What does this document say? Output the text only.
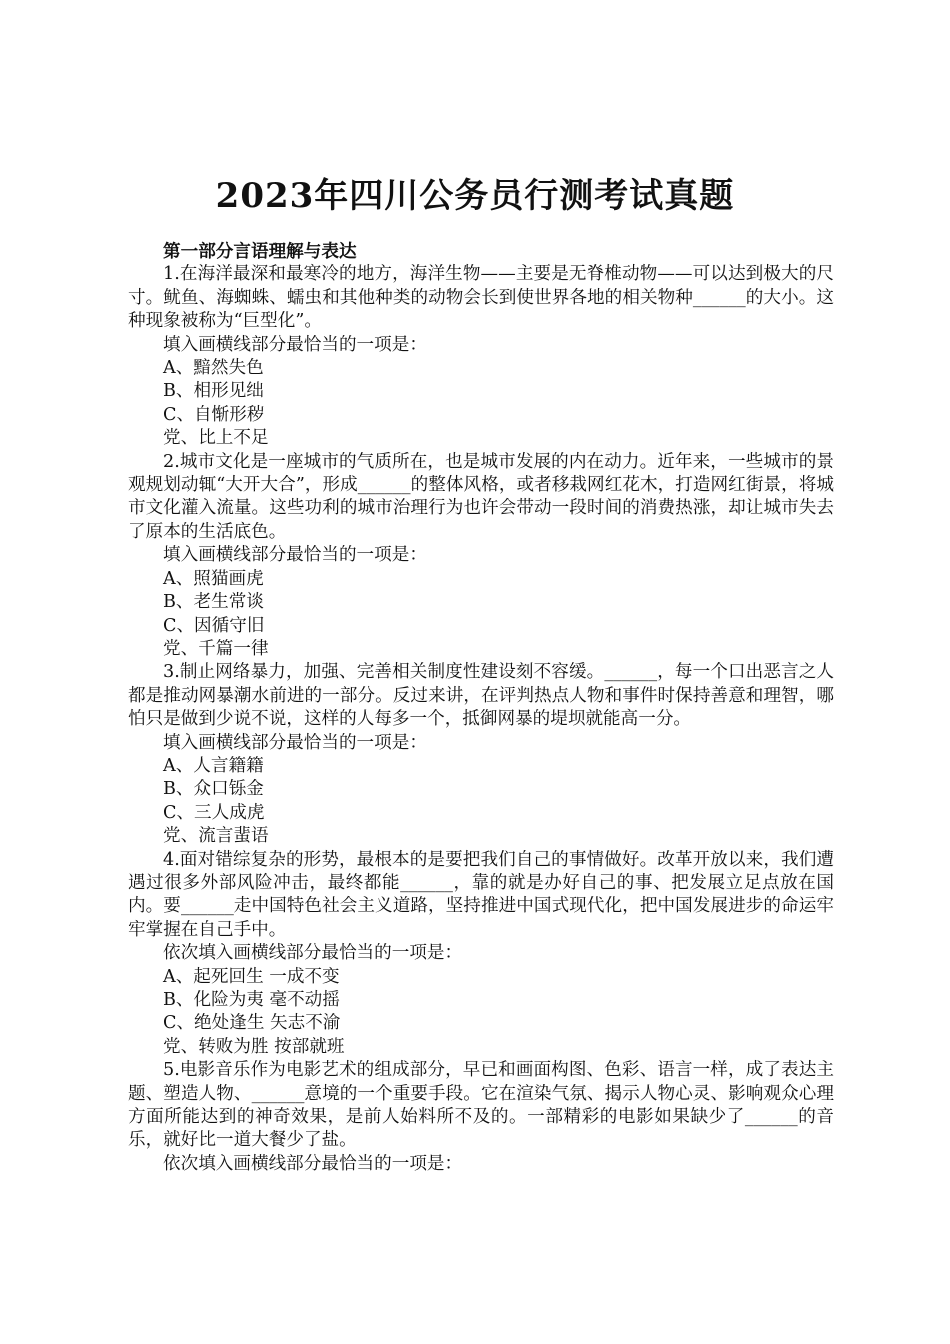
2023年四川公务员行测考试真题

第一部分言语理解与表达

1.在海洋最深和最寒冷的地方，海洋生物——主要是无脊椎动物——可以达到极大的尺寸。鱿鱼、海蜘蛛、蠕虫和其他种类的动物会长到使世界各地的相关物种______的大小。这种现象被称为“巨型化”。

填入画横线部分最恰当的一项是：

A、黯然失色

B、相形见绌

C、自惭形秽

党、比上不足

2.城市文化是一座城市的气质所在，也是城市发展的内在动力。近年来，一些城市的景观规划动辄“大开大合”，形成______的整体风格，或者移栽网红花木，打造网红街景，将城市文化灌入流量。这些功利的城市治理行为也许会带动一段时间的消费热涨，却让城市失去了原本的生活底色。

填入画横线部分最恰当的一项是：

A、照猫画虎

B、老生常谈

C、因循守旧

党、千篇一律

3.制止网络暴力，加强、完善相关制度性建设刻不容缓。______，每一个口出恶言之人都是推动网暴潮水前进的一部分。反过来讲，在评判热点人物和事件时保持善意和理智，哪怕只是做到少说不说，这样的人每多一个，抵御网暴的堤坝就能高一分。

填入画横线部分最恰当的一项是：

A、人言籍籍

B、众口铄金

C、三人成虎

党、流言蜚语

4.面对错综复杂的形势，最根本的是要把我们自己的事情做好。改革开放以来，我们遭遇过很多外部风险冲击，最终都能______，靠的就是办好自己的事、把发展立足点放在国内。要______走中国特色社会主义道路，坚持推进中国式现代化，把中国发展进步的命运牢牢掌握在自己手中。

依次填入画横线部分最恰当的一项是：

A、起死回生 一成不变

B、化险为夷 毫不动摇

C、绝处逢生 矢志不渝

党、转败为胜 按部就班

5.电影音乐作为电影艺术的组成部分，早已和画面构图、色彩、语言一样，成了表达主题、塑造人物、______意境的一个重要手段。它在渲染气氛、揭示人物心灵、影响观众心理方面所能达到的神奇效果，是前人始料所不及的。一部精彩的电影如果缺少了______的音乐，就好比一道大餐少了盐。

依次填入画横线部分最恰当的一项是：
